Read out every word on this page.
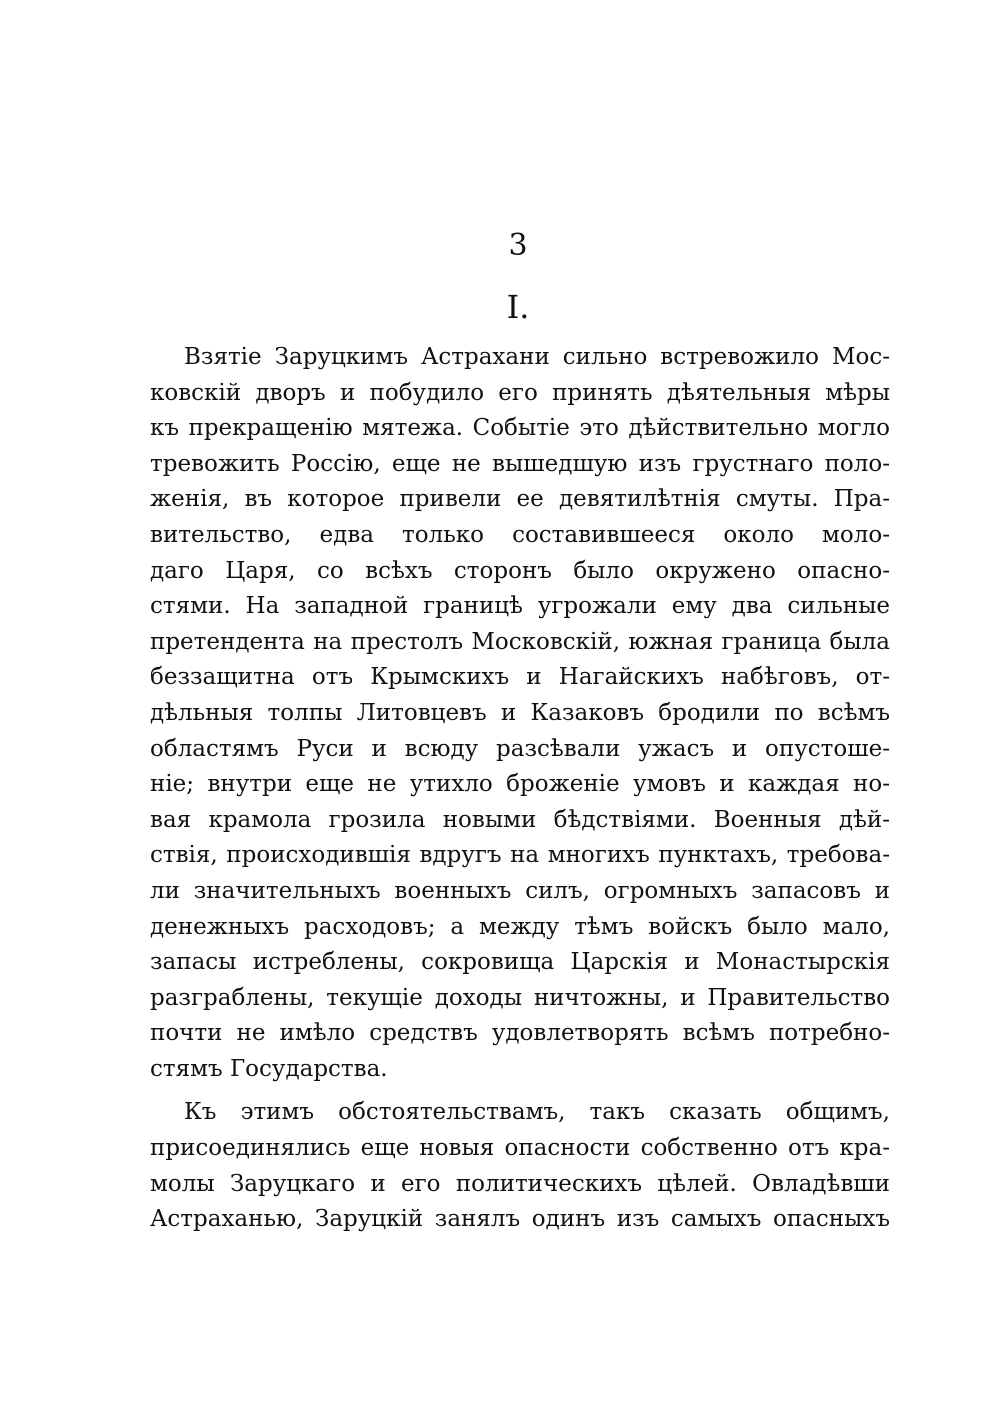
3
I.
Взятіе Заруцкимъ Астрахани сильно встревожило Мос-
ковскій дворъ и побудило его принять дѣятельныя мѣры
къ прекращенію мятежа. Событіе это дѣйствительно могло
тревожить Россію, еще не вышедшую изъ грустнаго поло-
женія, въ которое привели ее девятилѣтнія смуты. Пра-
вительство, едва только составившееся около моло-
даго Царя, со всѣхъ сторонъ было окружено опасно-
стями. На западной границѣ угрожали ему два сильные
претендента на престолъ Московскій, южная граница была
беззащитна отъ Крымскихъ и Нагайскихъ набѣговъ, от-
дѣльныя толпы Литовцевъ и Казаковъ бродили по всѣмъ
областямъ Руси и всюду разсѣвали ужасъ и опустоше-
ніе; внутри еще не утихло броженіе умовъ и каждая но-
вая крамола грозила новыми бѣдствіями. Военныя дѣй-
ствія, происходившія вдругъ на многихъ пунктахъ, требова-
ли значительныхъ военныхъ силъ, огромныхъ запасовъ и
денежныхъ расходовъ; а между тѣмъ войскъ было мало,
запасы истреблены, сокровища Царскія и Монастырскія
разграблены, текущіе доходы ничтожны, и Правительство
почти не имѣло средствъ удовлетворять всѣмъ потребно-
стямъ Государства.
Къ этимъ обстоятельствамъ, такъ сказать общимъ,
присоединялись еще новыя опасности собственно отъ кра-
молы Заруцкаго и его политическихъ цѣлей. Овладѣвши
Астраханью, Заруцкій занялъ одинъ изъ самыхъ опасныхъ
